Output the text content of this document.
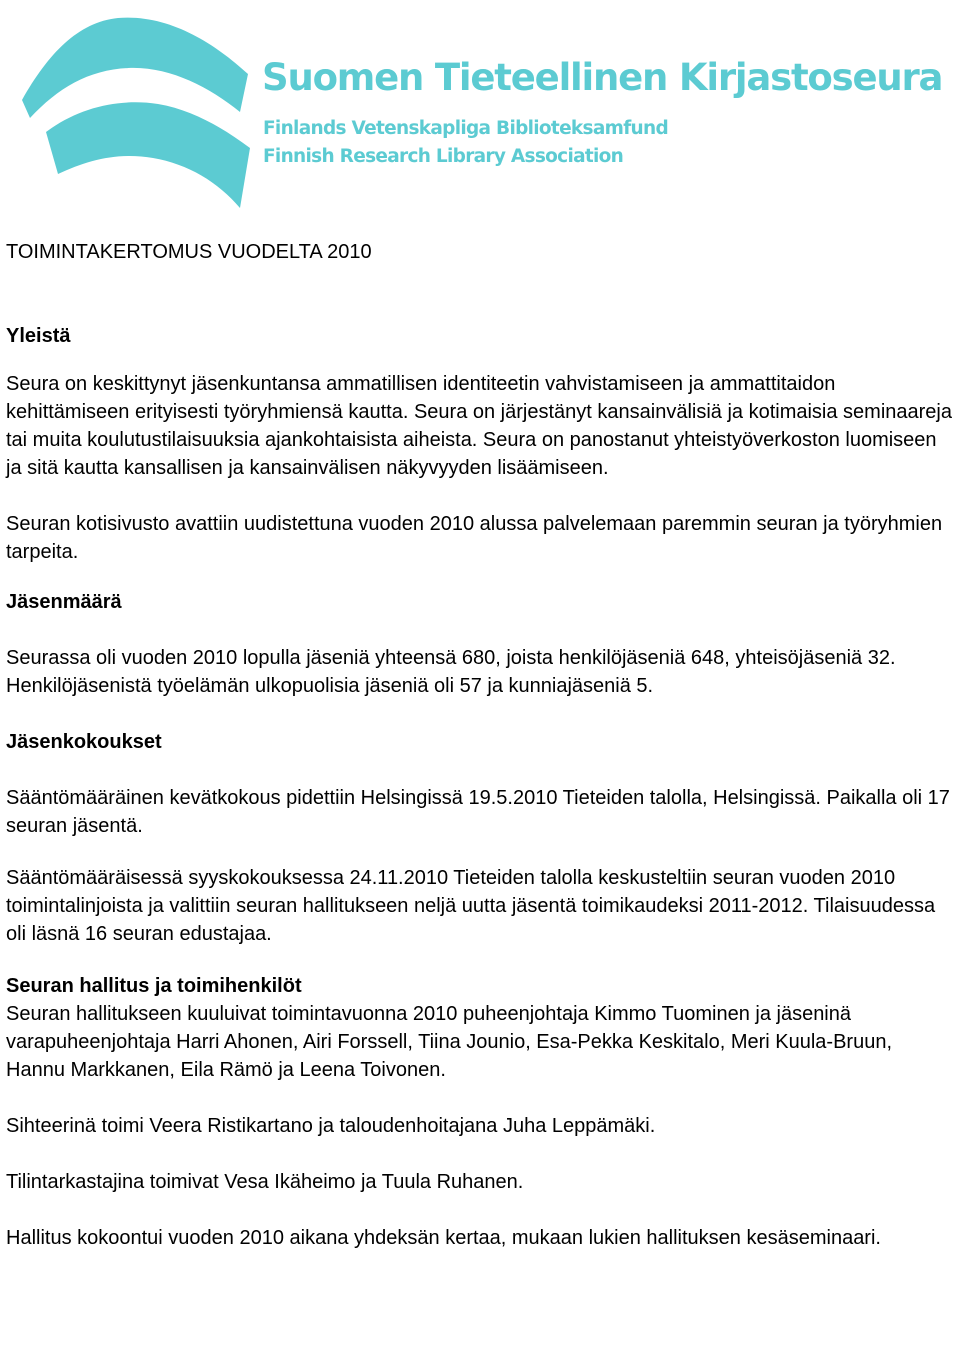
Suomen Tieteellinen Kirjastoseura
Finlands Vetenskapliga Biblioteksamfund
Finnish Research Library Association
TOIMINTAKERTOMUS VUODELTA 2010
Yleistä

Seura on keskittynyt jäsenkuntansa ammatillisen identiteetin vahvistamiseen ja ammattitaidon kehittämiseen erityisesti työryhmiensä kautta. Seura on järjestänyt kansainvälisiä ja kotimaisia seminaareja tai muita koulutustilaisuuksia ajankohtaisista aiheista. Seura on panostanut yhteistyöverkoston luomiseen ja sitä kautta kansallisen ja kansainvälisen näkyvyyden lisäämiseen.

Seuran kotisivusto avattiin uudistettuna vuoden 2010 alussa palvelemaan paremmin seuran ja työryhmien tarpeita.

Jäsenmäärä

Seurassa oli vuoden 2010 lopulla jäseniä yhteensä 680, joista henkilöjäseniä 648, yhteisöjäseniä 32. Henkilöjäsenistä työelämän ulkopuolisia jäseniä oli 57 ja kunniajäseniä 5.

Jäsenkokoukset

Sääntömääräinen kevätkokous pidettiin Helsingissä 19.5.2010 Tieteiden talolla, Helsingissä. Paikalla oli 17 seuran jäsentä.

Sääntömääräisessä syyskokouksessa 24.11.2010 Tieteiden talolla keskusteltiin seuran vuoden 2010 toimintalinjoista ja valittiin seuran hallitukseen neljä uutta jäsentä toimikaudeksi 2011-2012. Tilaisuudessa oli läsnä 16 seuran edustajaa.

Seuran hallitus ja toimihenkilöt

Seuran hallitukseen kuuluivat toimintavuonna 2010 puheenjohtaja Kimmo Tuominen ja jäseninä varapuheenjohtaja Harri Ahonen, Airi Forssell, Tiina Jounio, Esa-Pekka Keskitalo, Meri Kuula-Bruun, Hannu Markkanen, Eila Rämö ja Leena Toivonen.

Sihteerinä toimi Veera Ristikartano ja taloudenhoitajana Juha Leppämäki.

Tilintarkastajina toimivat Vesa Ikäheimo ja Tuula Ruhanen.

Hallitus kokoontui vuoden 2010 aikana yhdeksän kertaa, mukaan lukien hallituksen kesäseminaari.
